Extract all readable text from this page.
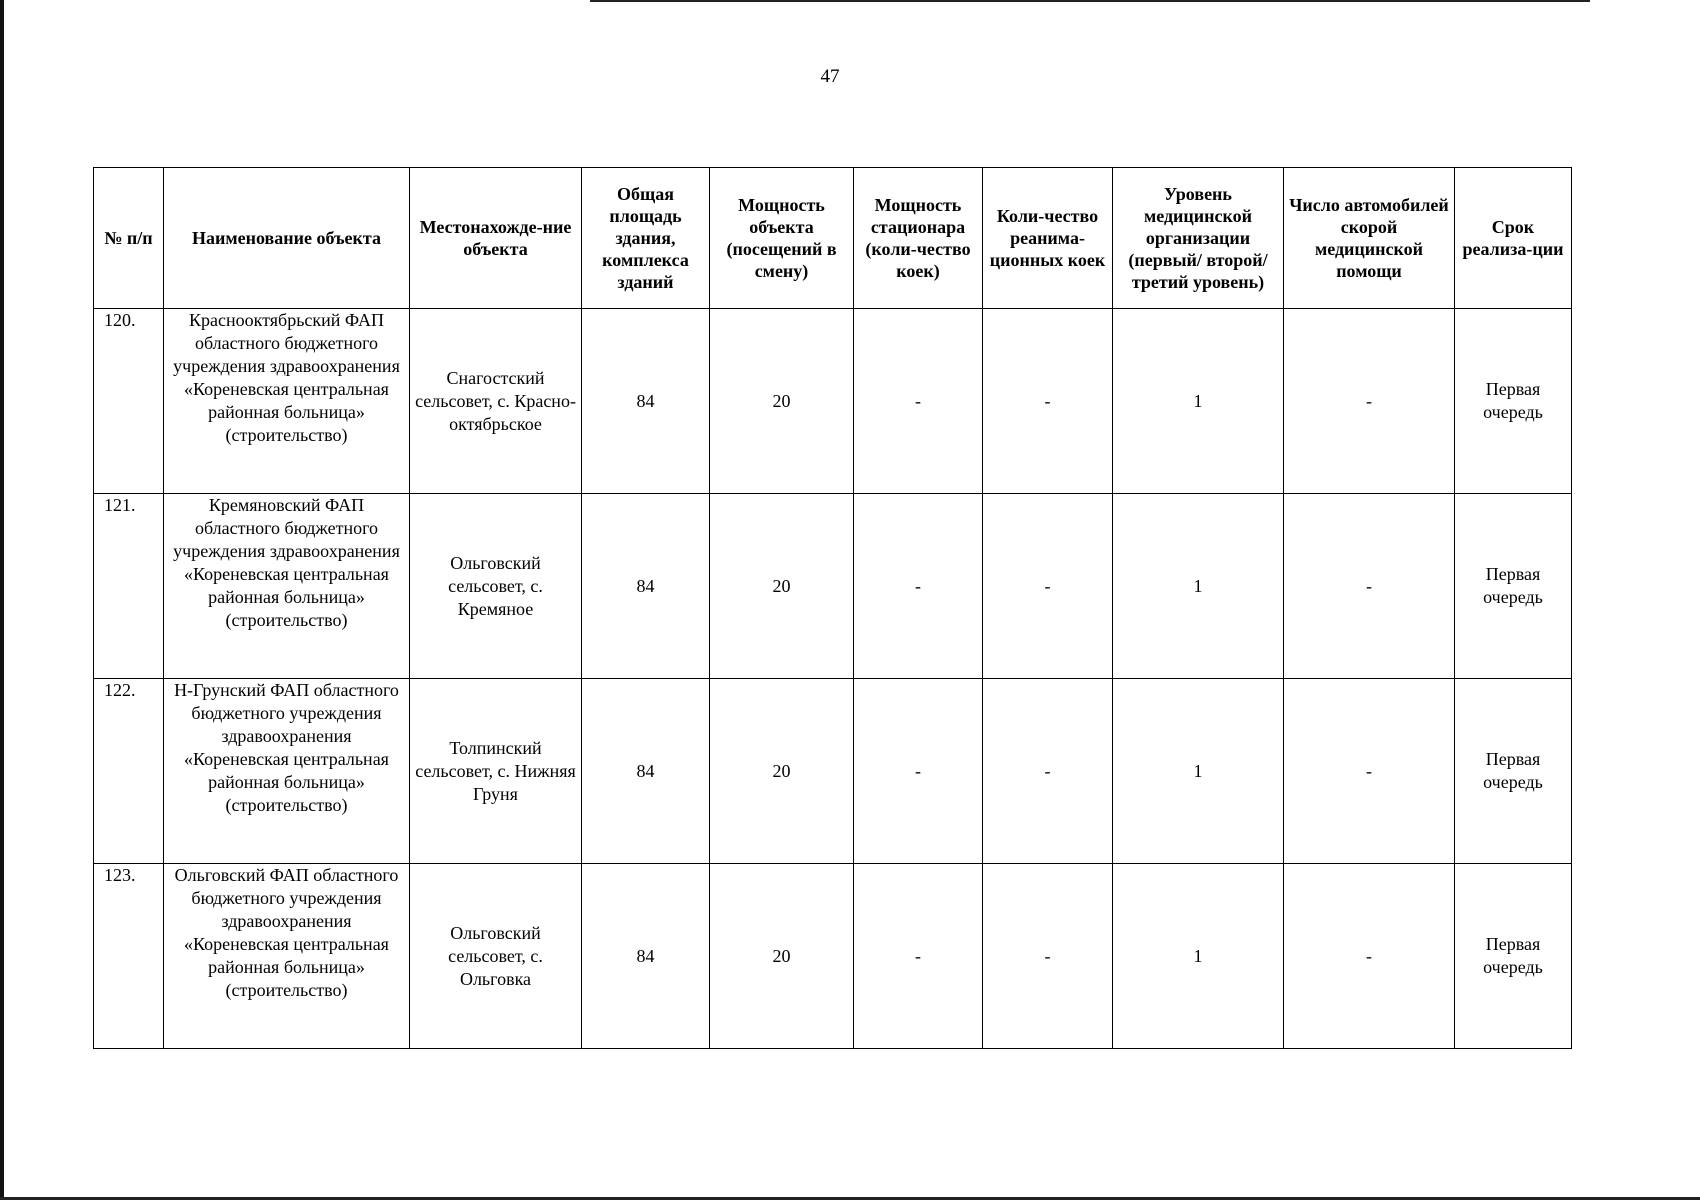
47
№ п/п	Наименование объекта	Местонахожде-ние объекта	Общая площадь здания, комплекса зданий	Мощность объекта (посещений в смену)	Мощность стационара (коли-чество коек)	Коли-чество реанима-ционных коек	Уровень медицинской организации (первый/ второй/ третий уровень)	Число автомобилей скорой медицинской помощи	Срок реализа-ции
120.	Краснооктябрьский ФАП областного бюджетного учреждения здравоохранения «Кореневская центральная районная больница» (строительство)	Снагостский сельсовет, с. Красно-октябрьское	84	20	-	-	1	-	Первая очередь
121.	Кремяновский ФАП областного бюджетного учреждения здравоохранения «Кореневская центральная районная больница» (строительство)	Ольговский сельсовет, с. Кремяное	84	20	-	-	1	-	Первая очередь
122.	Н-Грунский ФАП областного бюджетного учреждения здравоохранения «Кореневская центральная районная больница» (строительство)	Толпинский сельсовет, с. Нижняя Груня	84	20	-	-	1	-	Первая очередь
123.	Ольговский ФАП областного бюджетного учреждения здравоохранения «Кореневская центральная районная больница» (строительство)	Ольговский сельсовет, с. Ольговка	84	20	-	-	1	-	Первая очередь
